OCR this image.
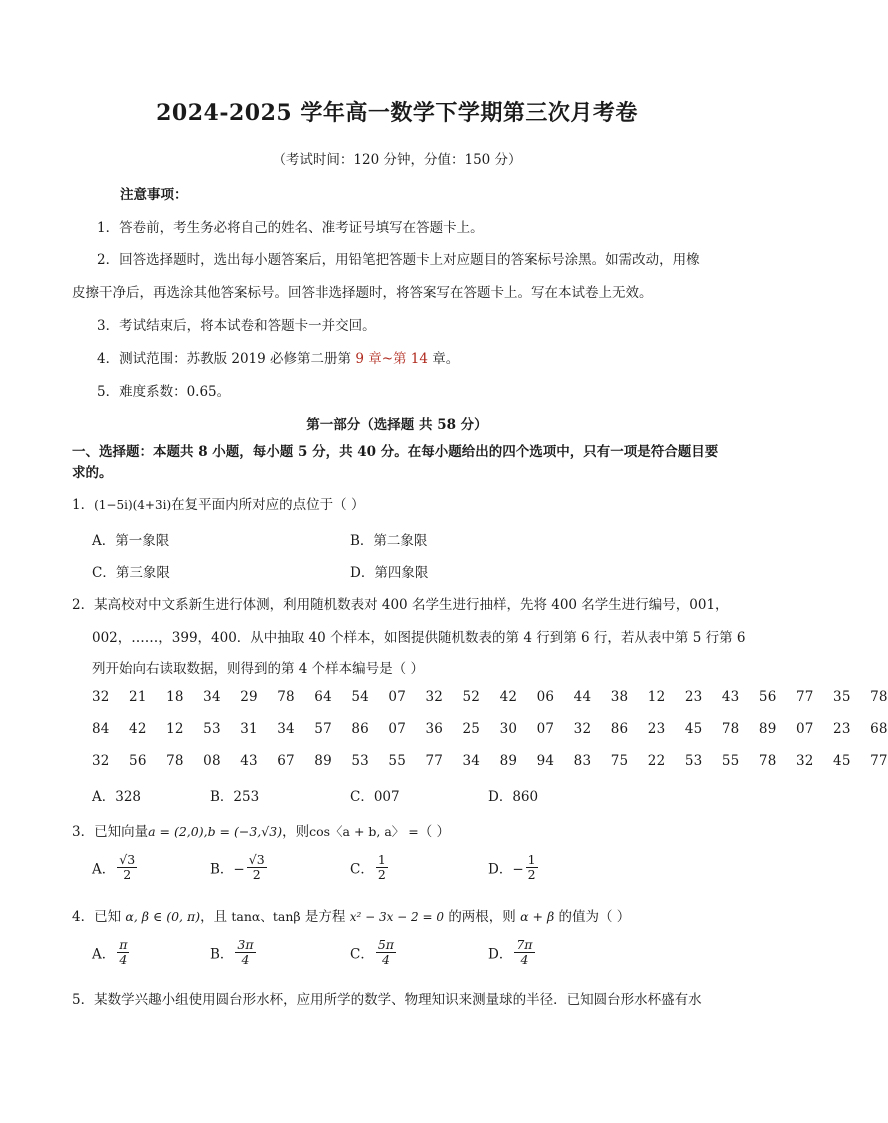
2024-2025 学年高一数学下学期第三次月考卷
（考试时间：120 分钟，分值：150 分）
注意事项：
1．答卷前，考生务必将自己的姓名、准考证号填写在答题卡上。
2．回答选择题时，选出每小题答案后，用铅笔把答题卡上对应题目的答案标号涂黑。如需改动，用橡
皮擦干净后，再选涂其他答案标号。回答非选择题时，将答案写在答题卡上。写在本试卷上无效。
3．考试结束后，将本试卷和答题卡一并交回。
4．测试范围：苏教版 2019 必修第二册第 9 章~第 14 章。
5．难度系数：0.65。
第一部分（选择题 共 58 分）
一、选择题：本题共 8 小题，每小题 5 分，共 40 分。在每小题给出的四个选项中，只有一项是符合题目要
求的。
1．(1−5i)(4+3i)在复平面内所对应的点位于（ ）
A．第一象限	B．第二象限
C．第三象限	D．第四象限
2．某高校对中文系新生进行体测，利用随机数表对 400 名学生进行抽样，先将 400 名学生进行编号，001，
002，……，399，400．从中抽取 40 个样本，如图提供随机数表的第 4 行到第 6 行，若从表中第 5 行第 6
列开始向右读取数据，则得到的第 4 个样本编号是（ ）
32   21   18   34   29   78   64   54   07   32   52   42   06   44   38   12   23   43   56   77   35   78
84   42   12   53   31   34   57   86   07   36   25   30   07   32   86   23   45   78   89   07   23   68
32   56   78   08   43   67   89   53   55   77   34   89   94   83   75   22   53   55   78   32   45   77
A．328	B．253	C．007	D．860
3．已知向量a = (2,0),b = (−3,√3)，则cos〈a + b, a〉 =（ ）
A． $\frac{√3}{2}$	B．− $\frac{√3}{2}$	C． $\frac{1}{2}$	D．− $\frac{1}{2}$
4．已知 α, β ∈ (0, π)，且 tanα、tanβ 是方程 x² − 3x − 2 = 0 的两根，则 α + β 的值为（ ）
A． $\frac{\pi}{4}$	B． $\frac{3\pi}{4}$	C． $\frac{5\pi}{4}$	D． $\frac{7\pi}{4}$
5．某数学兴趣小组使用圆台形水杯，应用所学的数学、物理知识来测量球的半径．已知圆台形水杯盛有水
